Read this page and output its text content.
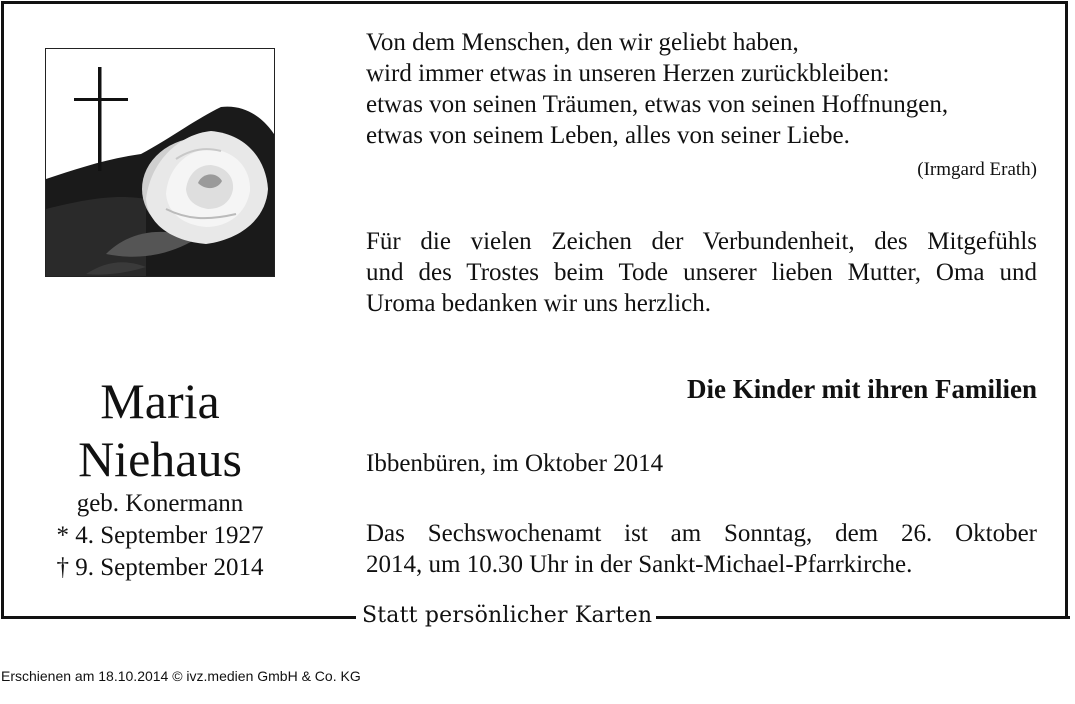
Statt persönlicher Karten
Maria
Niehaus
geb. Konermann
* 4. September 1927
† 9. September 2014
Von dem Menschen, den wir geliebt haben,
wird immer etwas in unseren Herzen zurückbleiben:
etwas von seinen Träumen, etwas von seinen Hoffnungen,
etwas von seinem Leben, alles von seiner Liebe.
(Irmgard Erath)
Für die vielen Zeichen der Verbundenheit, des Mitgefühls
und des Trostes beim Tode unserer lieben Mutter, Oma und
Uroma bedanken wir uns herzlich.
Die Kinder mit ihren Familien
Ibbenbüren, im Oktober 2014
Das Sechswochenamt ist am Sonntag, dem 26. Oktober
2014, um 10.30 Uhr in der Sankt-Michael-Pfarrkirche.
Erschienen am 18.10.2014 © ivz.medien GmbH & Co. KG
